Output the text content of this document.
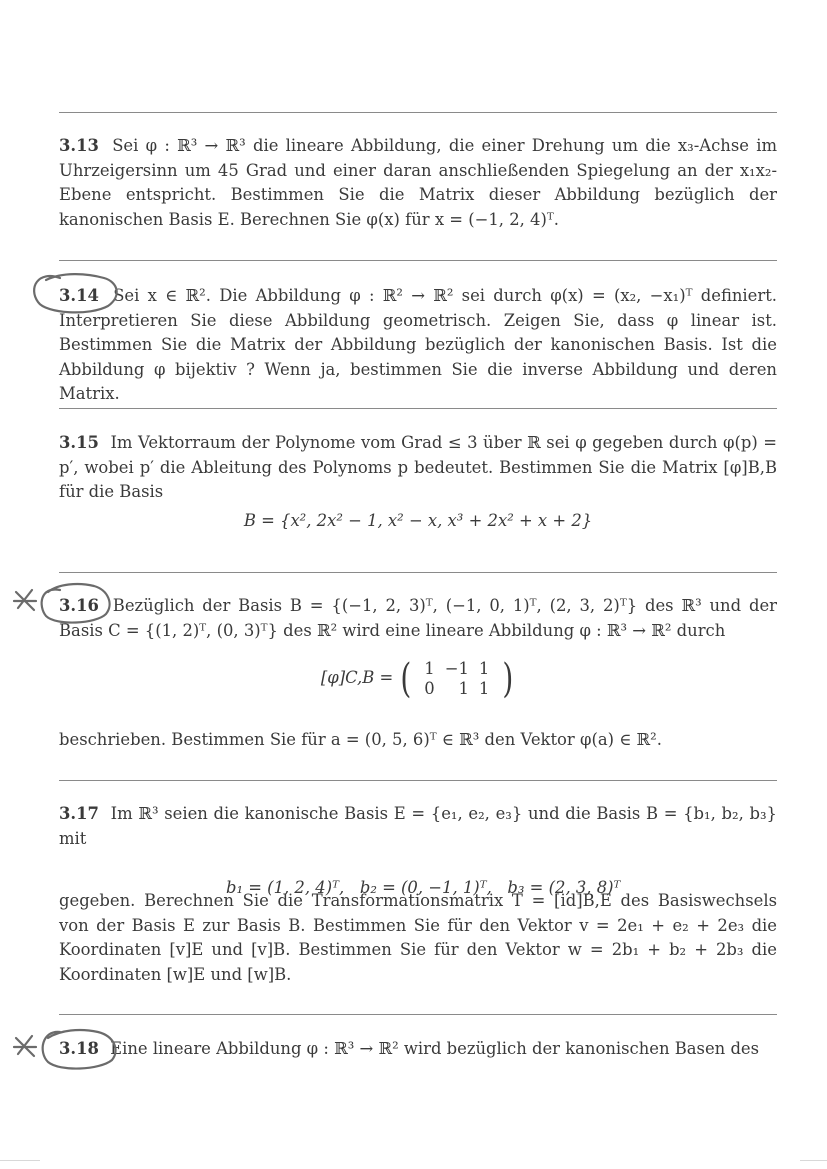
3.13 Sei φ : ℝ³ → ℝ³ die lineare Abbildung, die einer Drehung um die x₃-Achse im Uhrzeigersinn um 45 Grad und einer daran anschließenden Spiegelung an der x₁x₂-Ebene entspricht. Bestimmen Sie die Matrix dieser Abbildung bezüglich der kanonischen Basis E. Berechnen Sie φ(x) für x = (−1, 2, 4)ᵀ.
3.14 Sei x ∈ ℝ². Die Abbildung φ : ℝ² → ℝ² sei durch φ(x) = (x₂, −x₁)ᵀ definiert. Interpretieren Sie diese Abbildung geometrisch. Zeigen Sie, dass φ linear ist. Bestimmen Sie die Matrix der Abbildung bezüglich der kanonischen Basis. Ist die Abbildung φ bijektiv ? Wenn ja, bestimmen Sie die inverse Abbildung und deren Matrix.
3.15 Im Vektorraum der Polynome vom Grad ≤ 3 über ℝ sei φ gegeben durch φ(p) = p′, wobei p′ die Ableitung des Polynoms p bedeutet. Bestimmen Sie die Matrix [φ]B,B für die Basis
B = {x², 2x² − 1, x² − x, x³ + 2x² + x + 2}
3.16 Bezüglich der Basis B = {(−1, 2, 3)ᵀ, (−1, 0, 1)ᵀ, (2, 3, 2)ᵀ} des ℝ³ und der Basis C = {(1, 2)ᵀ, (0, 3)ᵀ} des ℝ² wird eine lineare Abbildung φ : ℝ³ → ℝ² durch
[φ]C,B = ( 1	−1	1
0	1	1 )
beschrieben. Bestimmen Sie für a = (0, 5, 6)ᵀ ∈ ℝ³ den Vektor φ(a) ∈ ℝ².
3.17 Im ℝ³ seien die kanonische Basis E = {e₁, e₂, e₃} und die Basis B = {b₁, b₂, b₃} mit

b₁ = (1, 2, 4)ᵀ,   b₂ = (0, −1, 1)ᵀ,   b₃ = (2, 3, 8)ᵀ

gegeben. Berechnen Sie die Transformationsmatrix T = [id]B,E des Basiswechsels von der Basis E zur Basis B. Bestimmen Sie für den Vektor v = 2e₁ + e₂ + 2e₃ die Koordinaten [v]E und [v]B. Bestimmen Sie für den Vektor w = 2b₁ + b₂ + 2b₃ die Koordinaten [w]E und [w]B.
3.18 Eine lineare Abbildung φ : ℝ³ → ℝ² wird bezüglich der kanonischen Basen des
